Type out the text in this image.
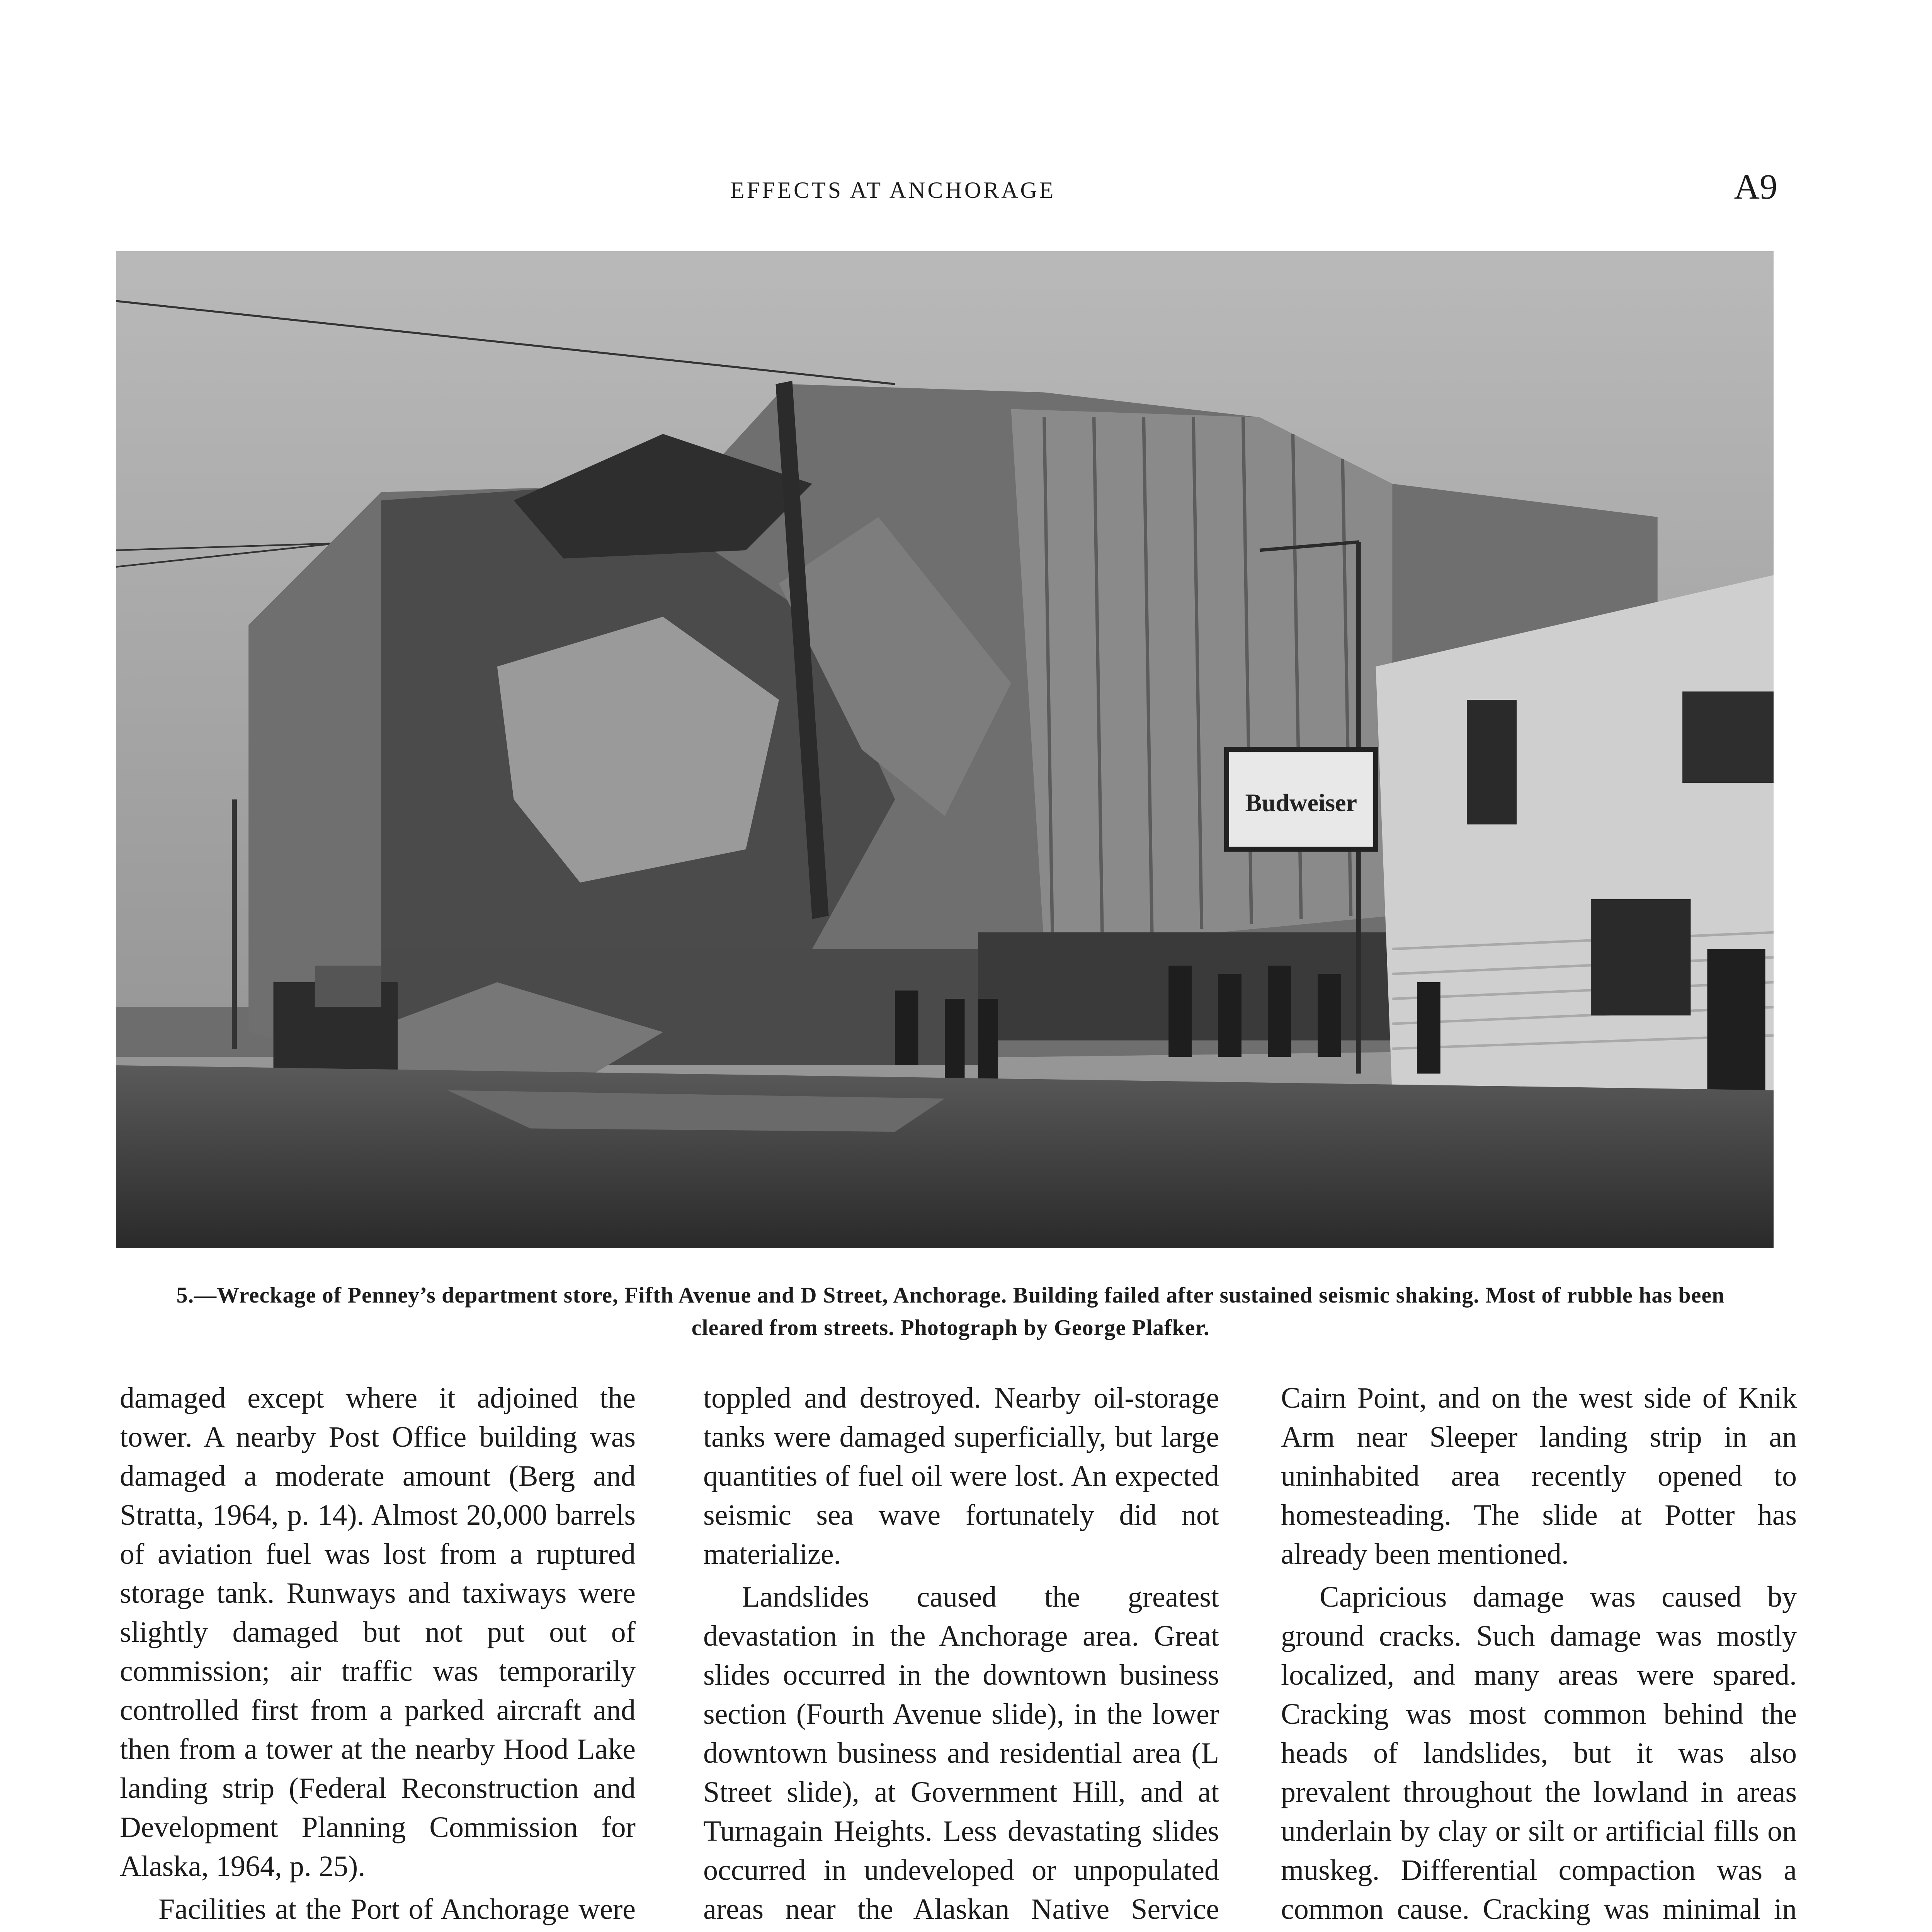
EFFECTS AT ANCHORAGE	A9
Budweiser
5.—Wreckage of Penney’s department store, Fifth Avenue and D Street, Anchorage. Building failed after sustained seismic shaking. Most of rubble has been cleared from streets. Photograph by George Plafker.

damaged except where it adjoined the tower. A nearby Post Office building was damaged a moderate amount (Berg and Stratta, 1964, p. 14). Almost 20,000 barrels of aviation fuel was lost from a ruptured storage tank. Runways and taxiways were slightly damaged but not put out of commission; air traffic was temporarily controlled first from a parked aircraft and then from a tower at the nearby Hood Lake landing strip (Federal Reconstruction and Development Planning Commission for Alaska, 1964, p. 25).

Facilities at the Port of Anchorage were

toppled and destroyed. Nearby oil-storage tanks were damaged superficially, but large quantities of fuel oil were lost. An expected seismic sea wave fortunately did not materialize.

Landslides caused the greatest devastation in the Anchorage area. Great slides occurred in the downtown business section (Fourth Avenue slide), in the lower downtown business and residential area (L Street slide), at Government Hill, and at Turnagain Heights. Less devastating slides occurred in undeveloped or unpopulated areas near the Alaskan Native Service

Cairn Point, and on the west side of Knik Arm near Sleeper landing strip in an uninhabited area recently opened to homesteading. The slide at Potter has already been mentioned.

Capricious damage was caused by ground cracks. Such damage was mostly localized, and many areas were spared. Cracking was most common behind the heads of landslides, but it was also prevalent throughout the lowland in areas underlain by clay or silt or artificial fills on muskeg. Differential compaction was a common cause. Cracking was minimal in
